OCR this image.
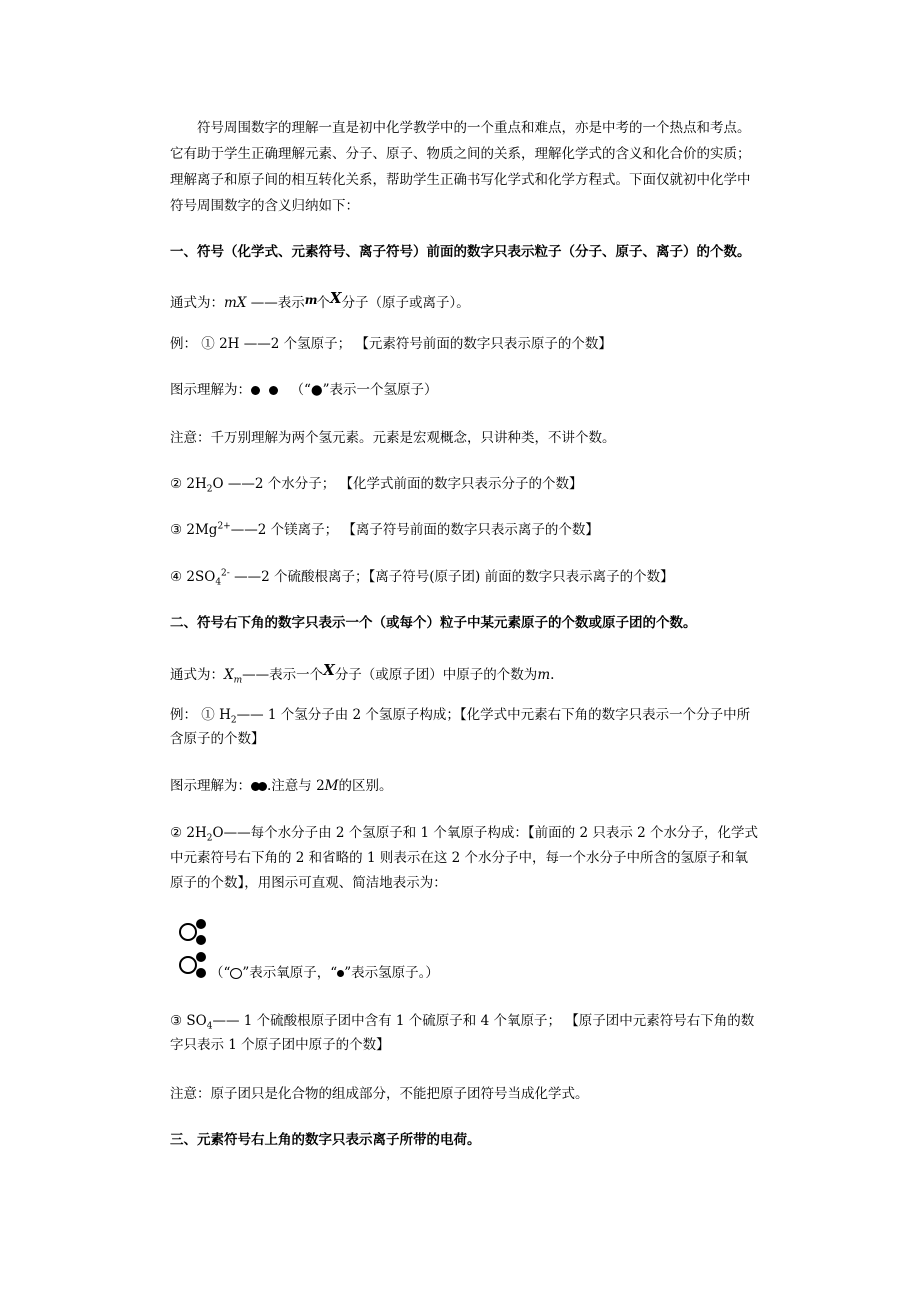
　　符号周围数字的理解一直是初中化学教学中的一个重点和难点，亦是中考的一个热点和考点。它有助于学生正确理解元素、分子、原子、物质之间的关系，理解化学式的含义和化合价的实质；理解离子和原子间的相互转化关系，帮助学生正确书写化学式和化学方程式。下面仅就初中化学中符号周围数字的含义归纳如下：
一、符号（化学式、元素符号、离子符号）前面的数字只表示粒子（分子、原子、离子）的个数。
通式为：mX ——表示m个X分子（原子或离子）。
例： ① 2H ——2 个氢原子； 【元素符号前面的数字只表示原子的个数】
图示理解为：	（“●”表示一个氢原子）
注意：千万别理解为两个氢元素。元素是宏观概念，只讲种类，不讲个数。
② $2H_2O$ ——2 个水分子； 【化学式前面的数字只表示分子的个数】
③ $2Mg^{2+}——2$ 个镁离子； 【离子符号前面的数字只表示离子的个数】
④ $2SO_4^{2-}$ ——2 个硫酸根离子；【离子符号(原子团) 前面的数字只表示离子的个数】
二、符号右下角的数字只表示一个（或每个）粒子中某元素原子的个数或原子团的个数。
通式为：$X_m——$表示一个X分子（或原子团）中原子的个数为m.
例： ① $H_2——$ 1 个氢分子由 2 个氢原子构成；【化学式中元素右下角的数字只表示一个分子中所含原子的个数】
图示理解为： .注意与 2M的区别。
② $2H_2O——$每个水分子由 2 个氢原子和 1 个氧原子构成：【前面的 2 只表示 2 个水分子，化学式中元素符号右下角的 2 和省略的 1 则表示在这 2 个水分子中，每一个水分子中所含的氢原子和氧原子的个数】，用图示可直观、简洁地表示为：
（“ ”表示氧原子，“ ”表示氢原子。）
③ $SO_4——$ 1 个硫酸根原子团中含有 1 个硫原子和 4 个氧原子； 【原子团中元素符号右下角的数字只表示 1 个原子团中原子的个数】
注意：原子团只是化合物的组成部分，不能把原子团符号当成化学式。
三、元素符号右上角的数字只表示离子所带的电荷。
